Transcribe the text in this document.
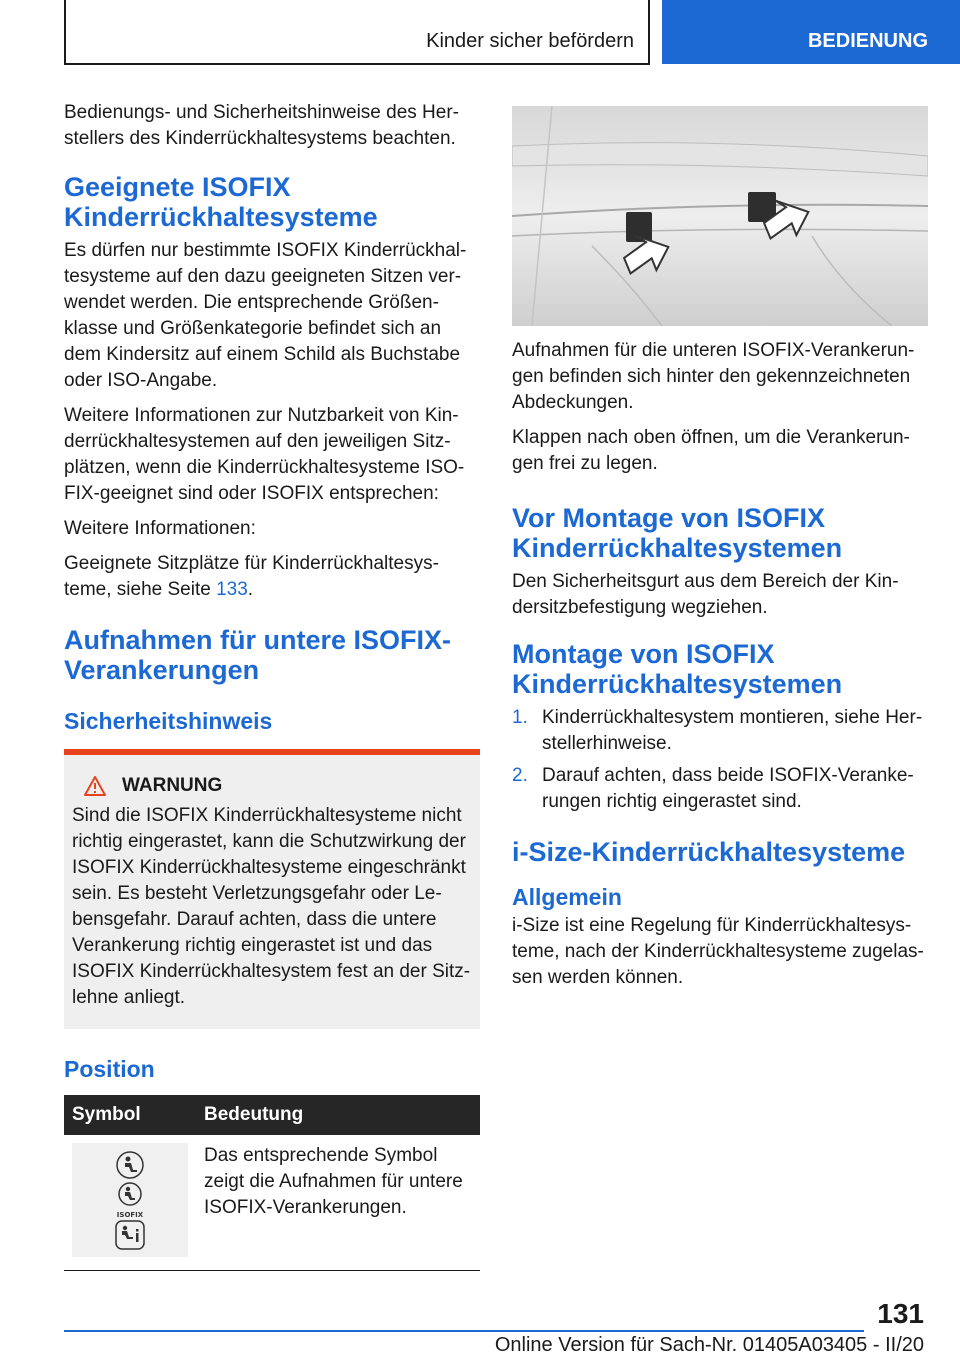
Kinder sicher befördern	BEDIENUNG

Bedienungs- und Sicherheitshinweise des Her-stellers des Kinderrückhaltesystems beachten.

Geeignete ISOFIX Kinderrückhaltesysteme

Es dürfen nur bestimmte ISOFIX Kinderrückhal-tesysteme auf den dazu geeigneten Sitzen ver-wendet werden. Die entsprechende Größen-klasse und Größenkategorie befindet sich an dem Kindersitz auf einem Schild als Buchstabe oder ISO-Angabe.

Weitere Informationen zur Nutzbarkeit von Kin-derrückhaltesystemen auf den jeweiligen Sitz-plätzen, wenn die Kinderrückhaltesysteme ISO-FIX-geeignet sind oder ISOFIX entsprechen:

Weitere Informationen:

Geeignete Sitzplätze für Kinderrückhaltesys-teme, siehe Seite 133.

Aufnahmen für untere ISOFIX-Verankerungen
Sicherheitshinweis
WARNUNG

Sind die ISOFIX Kinderrückhaltesysteme nicht richtig eingerastet, kann die Schutzwirkung der ISOFIX Kinderrückhaltesysteme eingeschränkt sein. Es besteht Verletzungsgefahr oder Le-bensgefahr. Darauf achten, dass die untere Verankerung richtig eingerastet ist und das ISOFIX Kinderrückhaltesystem fest an der Sitz-lehne anliegt.

Position
Symbol	Bedeutung

ISOFIX	Das entsprechende Symbol zeigt die Aufnahmen für untere ISOFIX-Verankerungen.

Aufnahmen für die unteren ISOFIX-Verankerun-gen befinden sich hinter den gekennzeichneten Abdeckungen.

Klappen nach oben öffnen, um die Verankerun-gen frei zu legen.

Vor Montage von ISOFIX Kinderrückhaltesystemen

Den Sicherheitsgurt aus dem Bereich der Kin-dersitzbefestigung wegziehen.

Montage von ISOFIX Kinderrückhaltesystemen
1. Kinderrückhaltesystem montieren, siehe Her-stellerhinweise.
2. Darauf achten, dass beide ISOFIX-Veranke-rungen richtig eingerastet sind.
i-Size-Kinderrückhaltesysteme
Allgemein

i-Size ist eine Regelung für Kinderrückhaltesys-teme, nach der Kinderrückhaltesysteme zugelas-sen werden können.

131
Online Version für Sach-Nr. 01405A03405 - II/20
